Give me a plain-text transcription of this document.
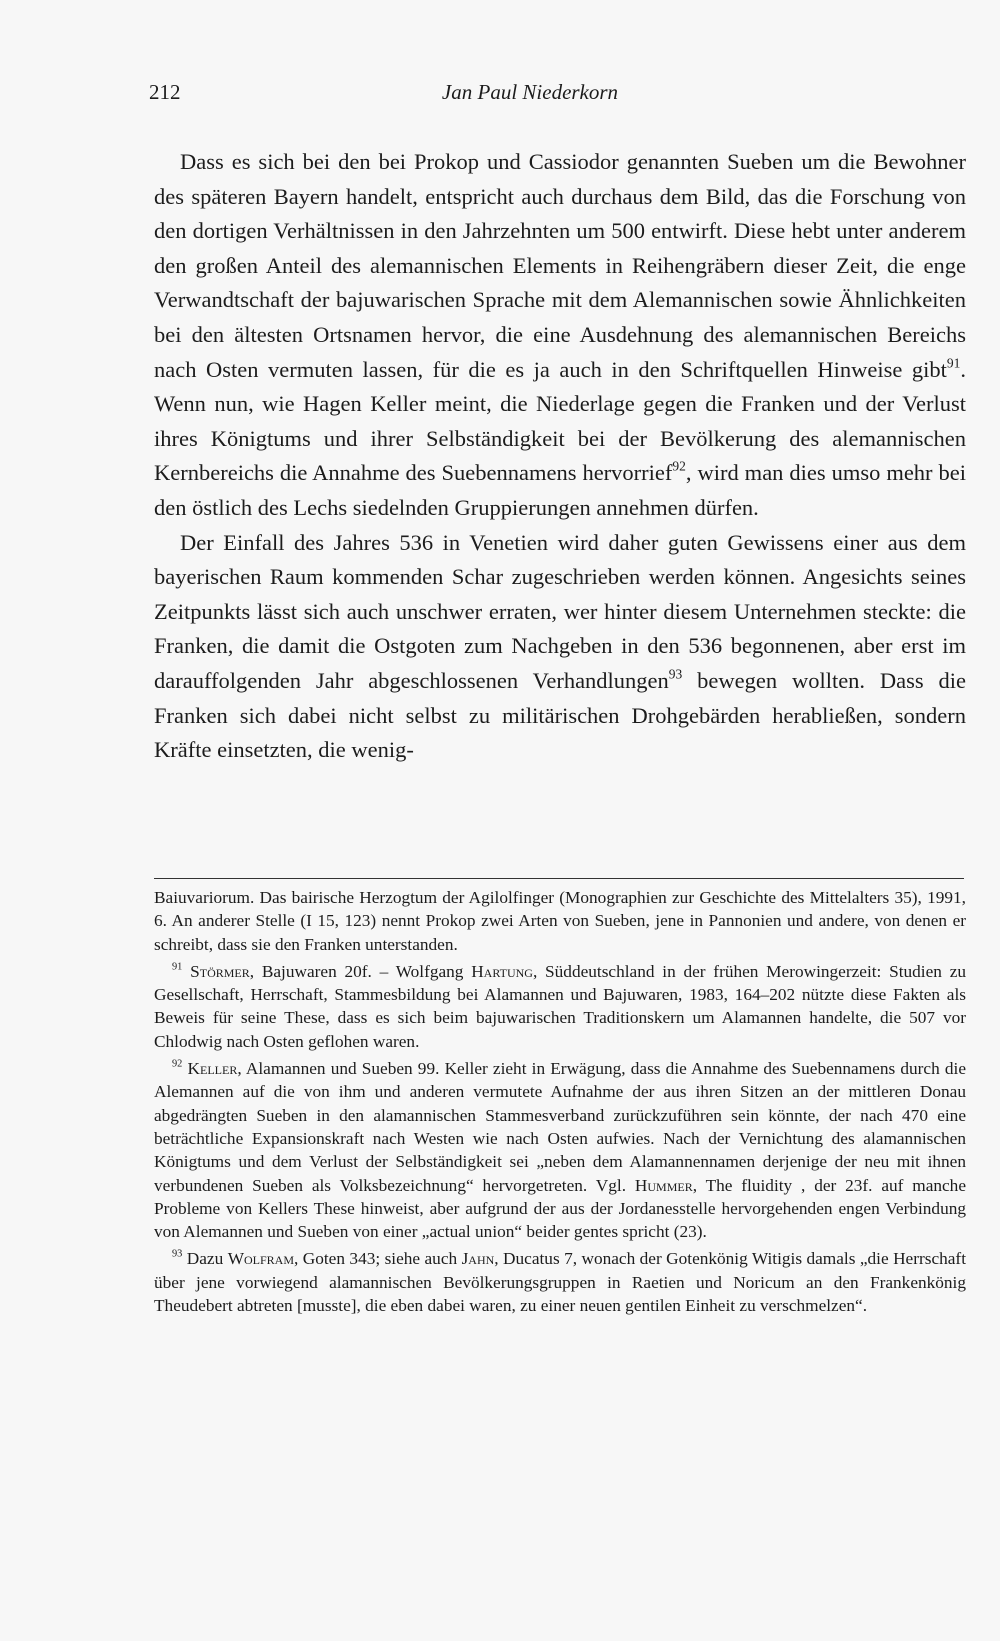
212	Jan Paul Niederkorn

Dass es sich bei den bei Prokop und Cassiodor genannten Sueben um die Bewohner des späteren Bayern handelt, entspricht auch durchaus dem Bild, das die Forschung von den dortigen Verhältnissen in den Jahrzehnten um 500 entwirft. Diese hebt unter anderem den großen Anteil des alemannischen Elements in Reihengräbern dieser Zeit, die enge Verwandtschaft der bajuwarischen Sprache mit dem Alemannischen sowie Ähnlichkeiten bei den ältesten Ortsnamen hervor, die eine Ausdehnung des alemannischen Bereichs nach Osten vermuten lassen, für die es ja auch in den Schriftquellen Hinweise gibt$^{91}$. Wenn nun, wie Hagen Keller meint, die Niederlage gegen die Franken und der Verlust ihres Königtums und ihrer Selbständigkeit bei der Bevölkerung des alemannischen Kernbereichs die Annahme des Suebennamens hervorrief$^{92}$, wird man dies umso mehr bei den östlich des Lechs siedelnden Gruppierungen annehmen dürfen.

Der Einfall des Jahres 536 in Venetien wird daher guten Gewissens einer aus dem bayerischen Raum kommenden Schar zugeschrieben werden können. Angesichts seines Zeitpunkts lässt sich auch unschwer erraten, wer hinter diesem Unternehmen steckte: die Franken, die damit die Ostgoten zum Nachgeben in den 536 begonnenen, aber erst im darauffolgenden Jahr abgeschlossenen Verhandlungen$^{93}$ bewegen wollten. Dass die Franken sich dabei nicht selbst zu militärischen Drohgebärden herabließen, sondern Kräfte einsetzten, die wenig-

Baiuvariorum. Das bairische Herzogtum der Agilolfinger (Monographien zur Geschichte des Mittelalters 35), 1991, 6. An anderer Stelle (I 15, 123) nennt Prokop zwei Arten von Sueben, jene in Pannonien und andere, von denen er schreibt, dass sie den Franken unterstanden.

$^{91}$ Störmer, Bajuwaren 20f. – Wolfgang Hartung, Süddeutschland in der frühen Merowingerzeit: Studien zu Gesellschaft, Herrschaft, Stammesbildung bei Alamannen und Bajuwaren, 1983, 164–202 nützte diese Fakten als Beweis für seine These, dass es sich beim bajuwarischen Traditionskern um Alamannen handelte, die 507 vor Chlodwig nach Osten geflohen waren.

$^{92}$ Keller, Alamannen und Sueben 99. Keller zieht in Erwägung, dass die Annahme des Suebennamens durch die Alemannen auf die von ihm und anderen vermutete Aufnahme der aus ihren Sitzen an der mittleren Donau abgedrängten Sueben in den alamannischen Stammesverband zurückzuführen sein könnte, der nach 470 eine beträchtliche Expansionskraft nach Westen wie nach Osten aufwies. Nach der Vernichtung des alamannischen Königtums und dem Verlust der Selbständigkeit sei „neben dem Alamannennamen derjenige der neu mit ihnen verbundenen Sueben als Volksbezeichnung“ hervorgetreten. Vgl. Hummer, The fluidity , der 23f. auf manche Probleme von Kellers These hinweist, aber aufgrund der aus der Jordanesstelle hervorgehenden engen Verbindung von Alemannen und Sueben von einer „actual union“ beider gentes spricht (23).

$^{93}$ Dazu Wolfram, Goten 343; siehe auch Jahn, Ducatus 7, wonach der Gotenkönig Witigis damals „die Herrschaft über jene vorwiegend alamannischen Bevölkerungsgruppen in Raetien und Noricum an den Frankenkönig Theudebert abtreten [musste], die eben dabei waren, zu einer neuen gentilen Einheit zu verschmelzen“.
